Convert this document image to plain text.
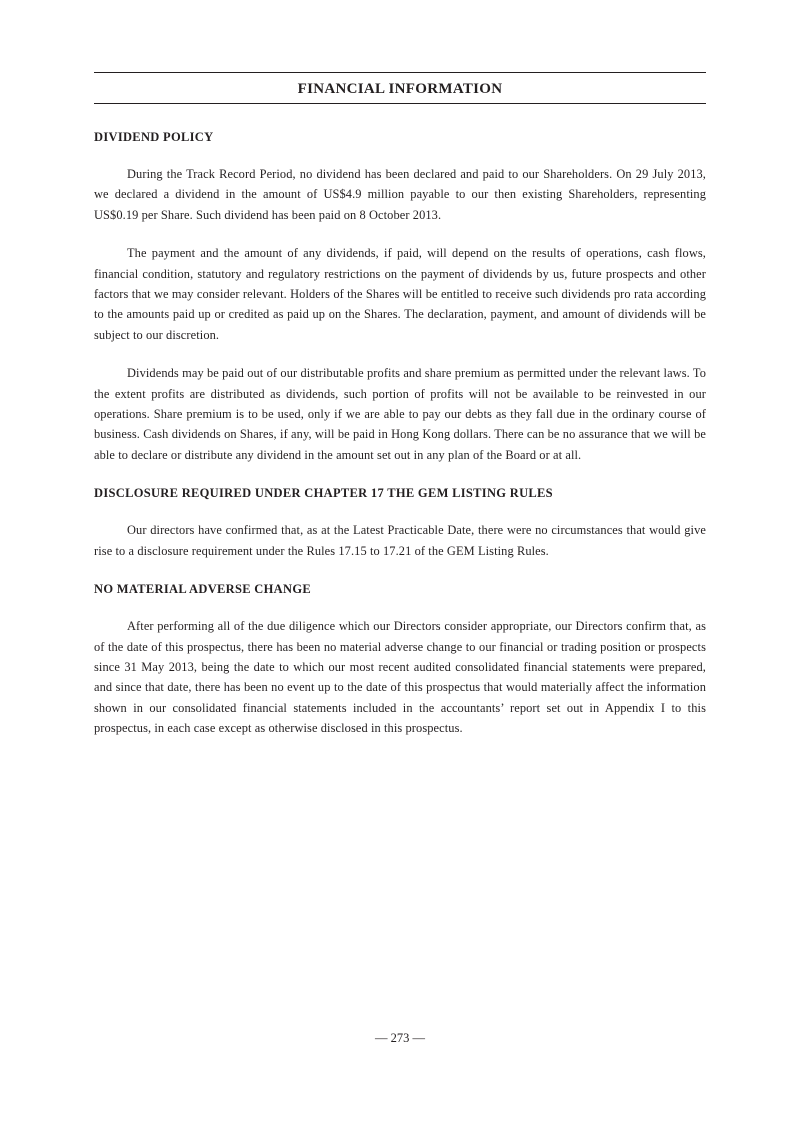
FINANCIAL INFORMATION
DIVIDEND POLICY

During the Track Record Period, no dividend has been declared and paid to our Shareholders. On 29 July 2013, we declared a dividend in the amount of US$4.9 million payable to our then existing Shareholders, representing US$0.19 per Share. Such dividend has been paid on 8 October 2013.

The payment and the amount of any dividends, if paid, will depend on the results of operations, cash flows, financial condition, statutory and regulatory restrictions on the payment of dividends by us, future prospects and other factors that we may consider relevant. Holders of the Shares will be entitled to receive such dividends pro rata according to the amounts paid up or credited as paid up on the Shares. The declaration, payment, and amount of dividends will be subject to our discretion.

Dividends may be paid out of our distributable profits and share premium as permitted under the relevant laws. To the extent profits are distributed as dividends, such portion of profits will not be available to be reinvested in our operations. Share premium is to be used, only if we are able to pay our debts as they fall due in the ordinary course of business. Cash dividends on Shares, if any, will be paid in Hong Kong dollars. There can be no assurance that we will be able to declare or distribute any dividend in the amount set out in any plan of the Board or at all.

DISCLOSURE REQUIRED UNDER CHAPTER 17 THE GEM LISTING RULES

Our directors have confirmed that, as at the Latest Practicable Date, there were no circumstances that would give rise to a disclosure requirement under the Rules 17.15 to 17.21 of the GEM Listing Rules.

NO MATERIAL ADVERSE CHANGE

After performing all of the due diligence which our Directors consider appropriate, our Directors confirm that, as of the date of this prospectus, there has been no material adverse change to our financial or trading position or prospects since 31 May 2013, being the date to which our most recent audited consolidated financial statements were prepared, and since that date, there has been no event up to the date of this prospectus that would materially affect the information shown in our consolidated financial statements included in the accountants’ report set out in Appendix I to this prospectus, in each case except as otherwise disclosed in this prospectus.

— 273 —
